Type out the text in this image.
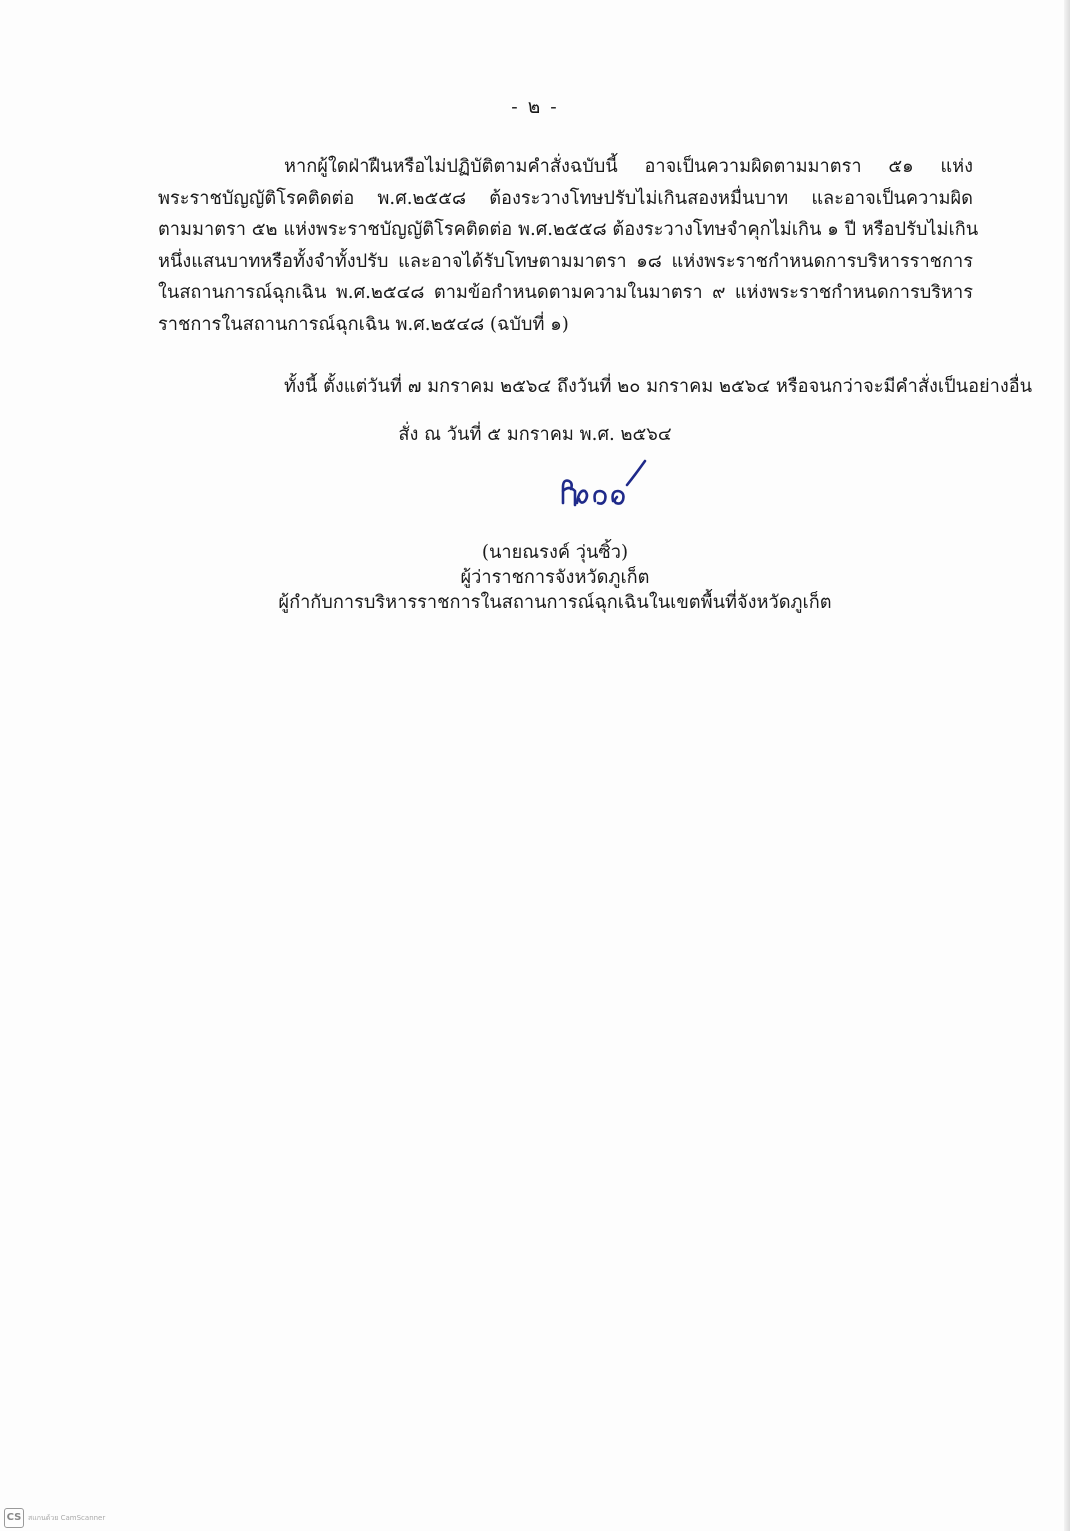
- ๒ -
หากผู้ใดฝ่าฝืนหรือไม่ปฏิบัติตามคำสั่งฉบับนี้ อาจเป็นความผิดตามมาตรา ๕๑ แห่ง
พระราชบัญญัติโรคติดต่อ พ.ศ.๒๕๕๘ ต้องระวางโทษปรับไม่เกินสองหมื่นบาท และอาจเป็นความผิด
ตามมาตรา ๕๒ แห่งพระราชบัญญัติโรคติดต่อ พ.ศ.๒๕๕๘ ต้องระวางโทษจำคุกไม่เกิน ๑ ปี หรือปรับไม่เกิน
หนึ่งแสนบาทหรือทั้งจำทั้งปรับ และอาจได้รับโทษตามมาตรา ๑๘ แห่งพระราชกำหนดการบริหารราชการ
ในสถานการณ์ฉุกเฉิน พ.ศ.๒๕๔๘ ตามข้อกำหนดตามความในมาตรา ๙ แห่งพระราชกำหนดการบริหาร
ราชการในสถานการณ์ฉุกเฉิน พ.ศ.๒๕๔๘ (ฉบับที่ ๑)
ทั้งนี้ ตั้งแต่วันที่ ๗ มกราคม ๒๕๖๔ ถึงวันที่ ๒๐ มกราคม ๒๕๖๔ หรือจนกว่าจะมีคำสั่งเป็นอย่างอื่น
สั่ง ณ วันที่ ๕ มกราคม พ.ศ. ๒๕๖๔
(นายณรงค์ วุ่นซิ้ว)
ผู้ว่าราชการจังหวัดภูเก็ต
ผู้กำกับการบริหารราชการในสถานการณ์ฉุกเฉินในเขตพื้นที่จังหวัดภูเก็ต
CS สแกนด้วย CamScanner
